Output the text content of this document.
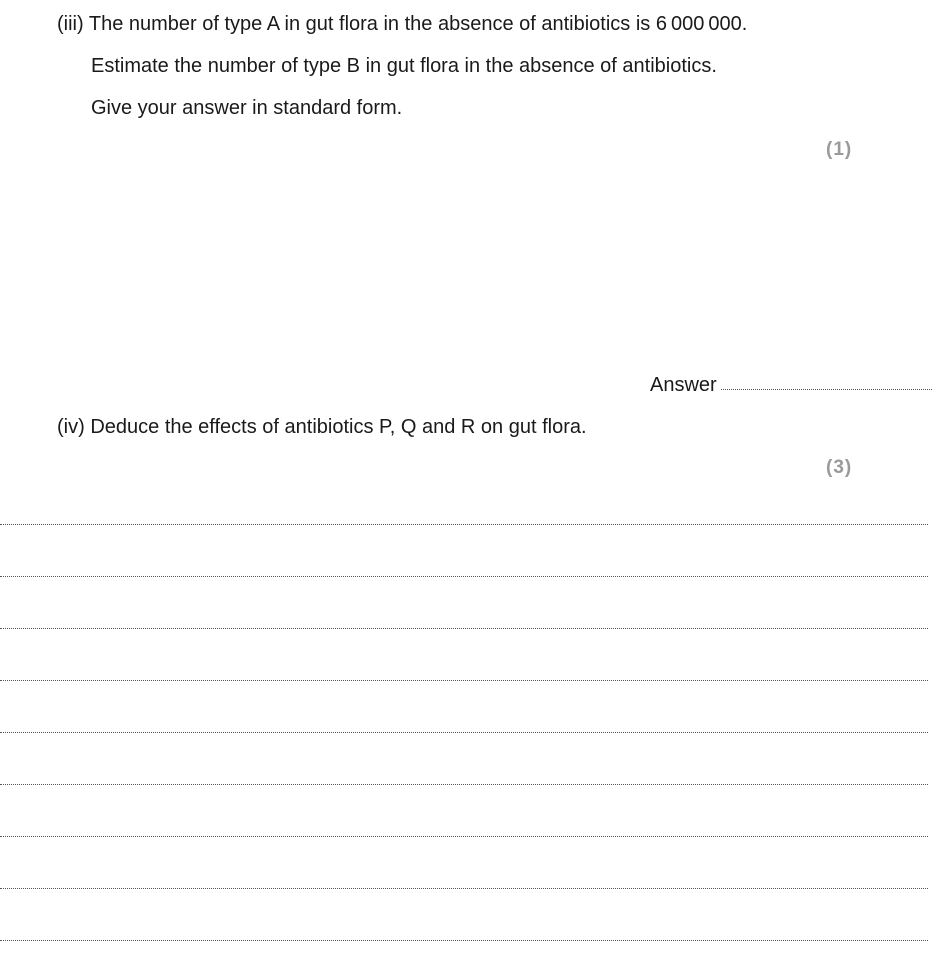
(iii) The number of type A in gut flora in the absence of antibiotics is 6 000 000.
Estimate the number of type B in gut flora in the absence of antibiotics.
Give your answer in standard form.
(1)
Answer
(iv) Deduce the effects of antibiotics P, Q and R on gut flora.
(3)
